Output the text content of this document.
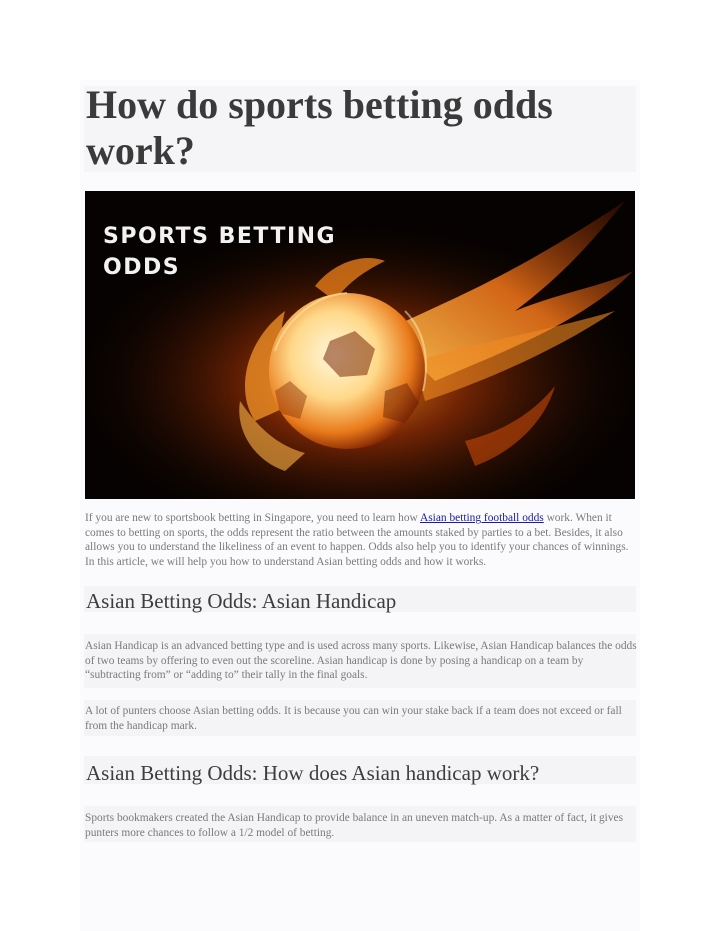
How do sports betting odds work?
SPORTS BETTING
ODDS

If you are new to sportsbook betting in Singapore, you need to learn how Asian betting football odds work. When it comes to betting on sports, the odds represent the ratio between the amounts staked by parties to a bet. Besides, it also allows you to understand the likeliness of an event to happen. Odds also help you to identify your chances of winnings. In this article, we will help you how to understand Asian betting odds and how it works.

Asian Betting Odds: Asian Handicap

Asian Handicap is an advanced betting type and is used across many sports. Likewise, Asian Handicap balances the odds of two teams by offering to even out the scoreline. Asian handicap is done by posing a handicap on a team by “subtracting from” or “adding to” their tally in the final goals.

A lot of punters choose Asian betting odds. It is because you can win your stake back if a team does not exceed or fall from the handicap mark.

Asian Betting Odds: How does Asian handicap work?

Sports bookmakers created the Asian Handicap to provide balance in an uneven match-up. As a matter of fact, it gives punters more chances to follow a 1/2 model of betting.
